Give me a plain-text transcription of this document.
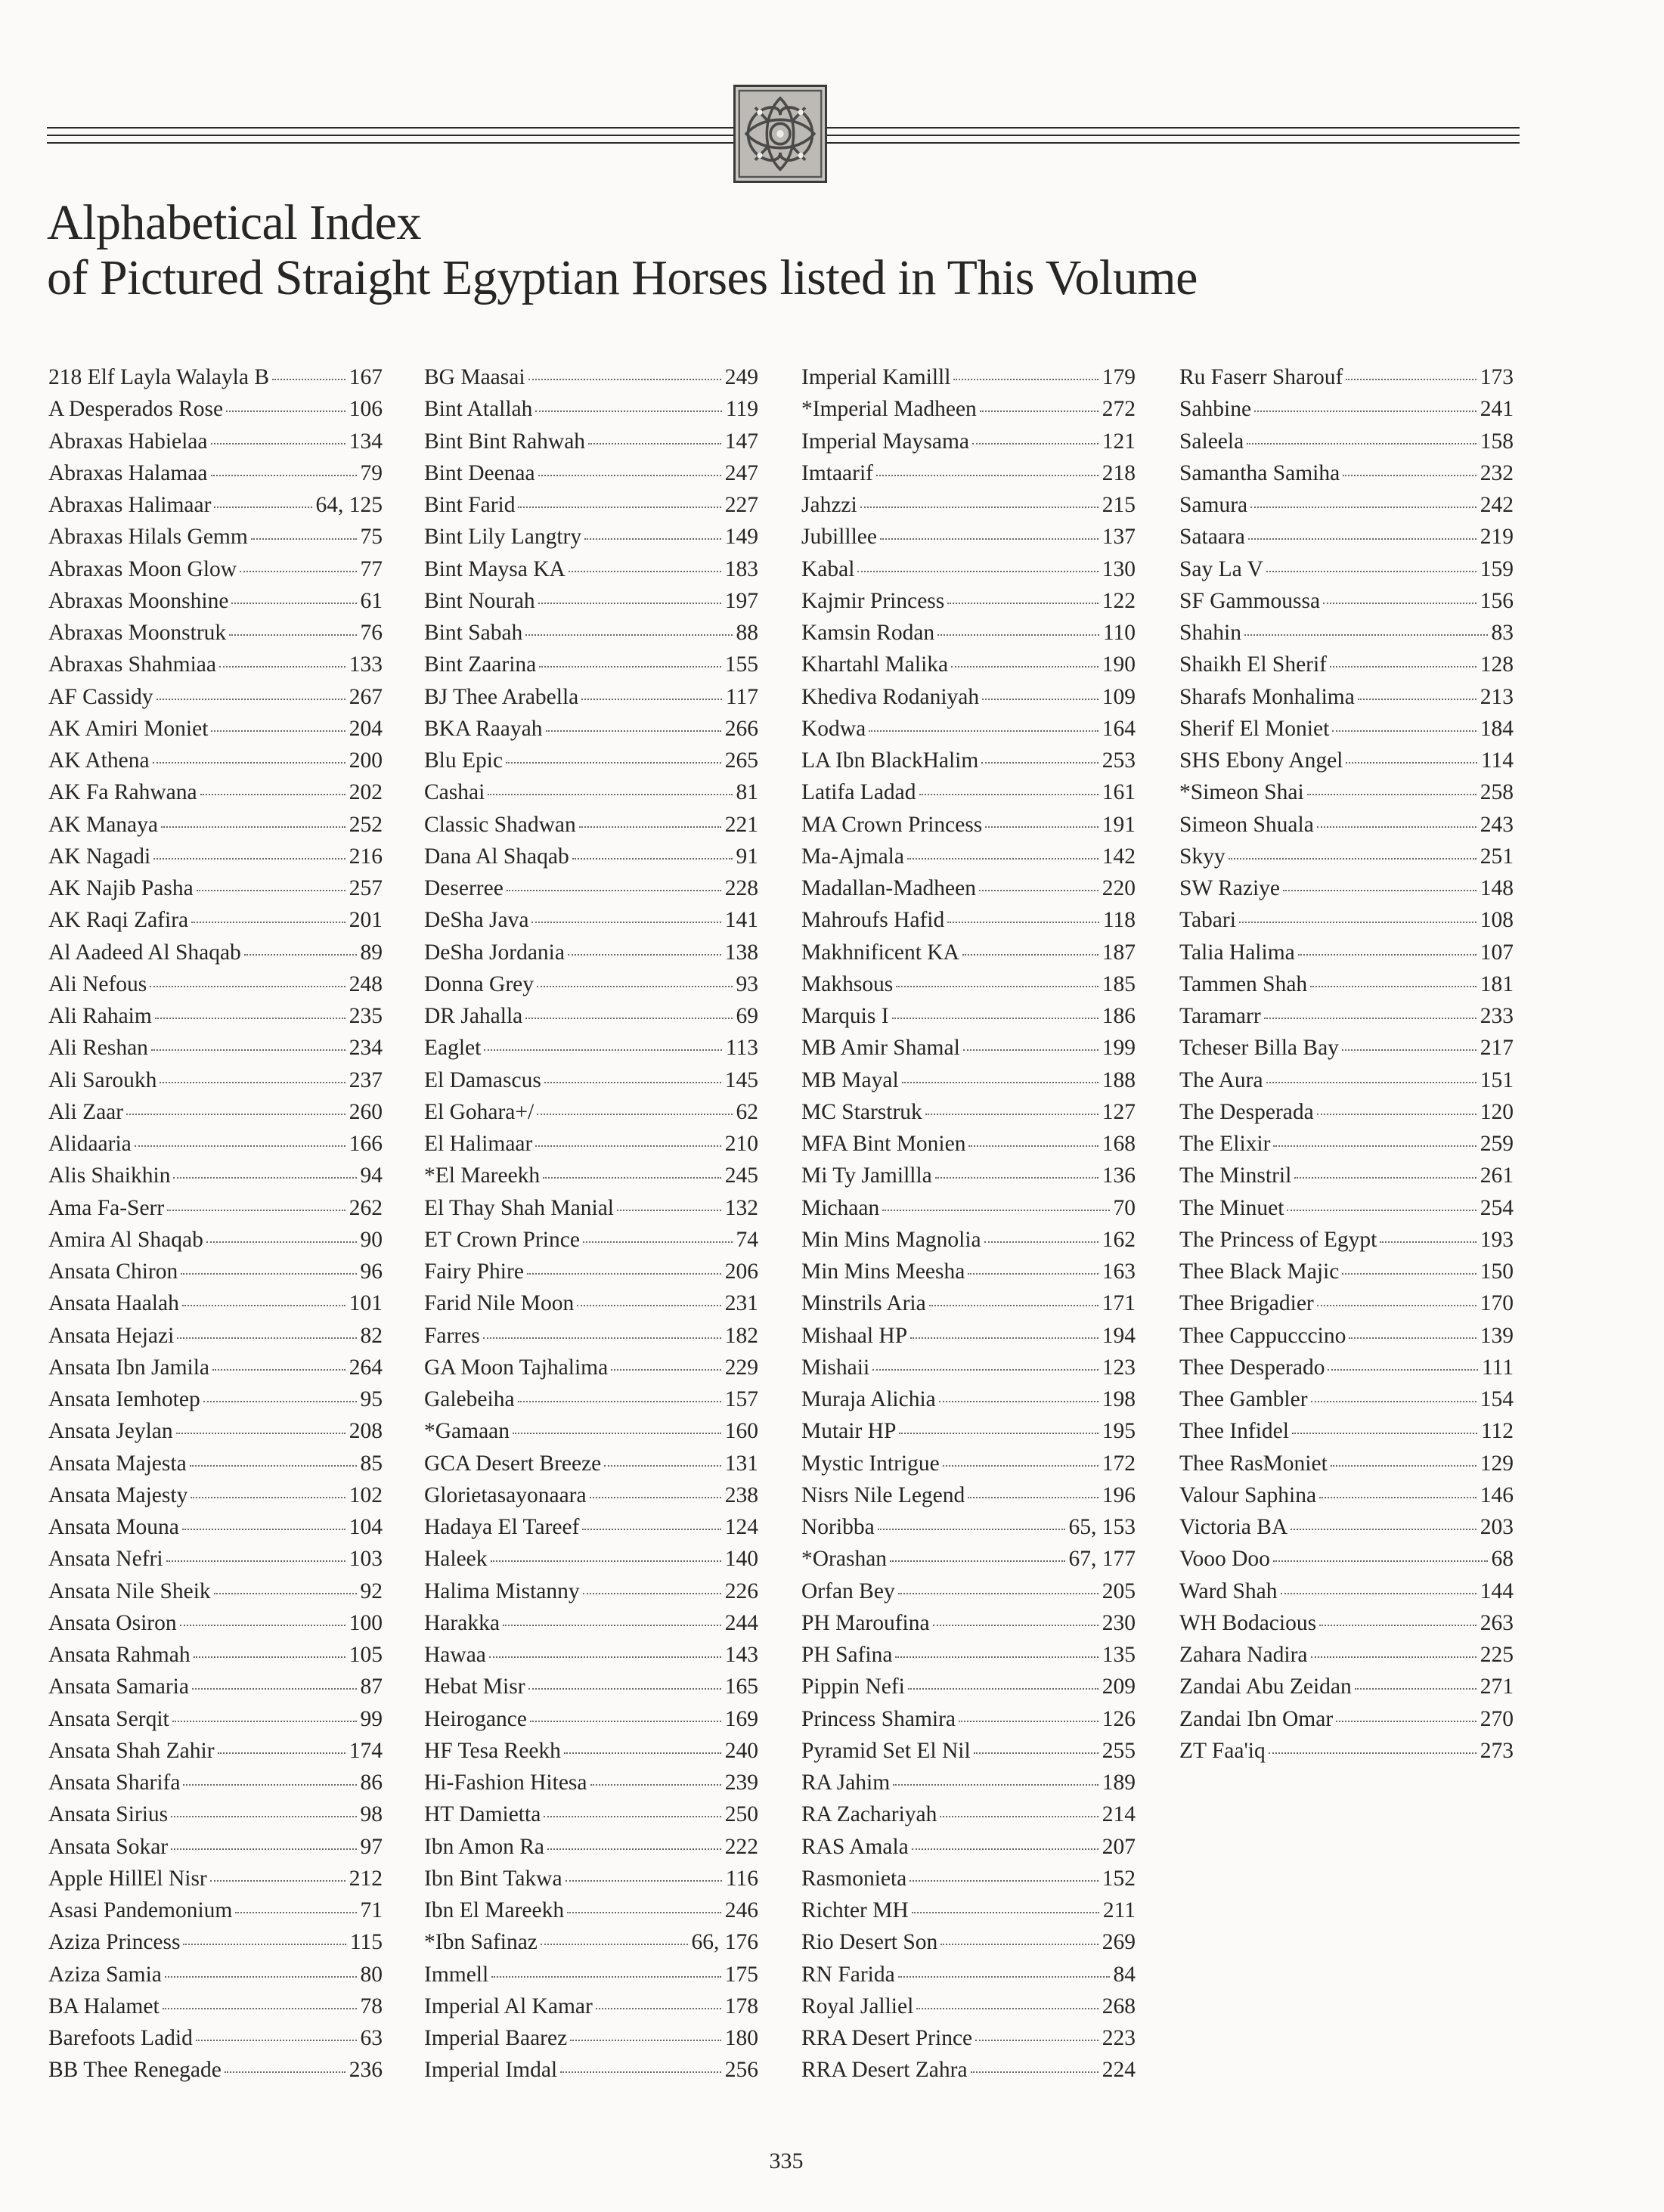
Alphabetical Index
of Pictured Straight Egyptian Horses listed in This Volume
218 Elf Layla Walayla B	167
A Desperados Rose	106
Abraxas Habielaa	134
Abraxas Halamaa	79
Abraxas Halimaar	64, 125
Abraxas Hilals Gemm	75
Abraxas Moon Glow	77
Abraxas Moonshine	61
Abraxas Moonstruk	76
Abraxas Shahmiaa	133
AF Cassidy	267
AK Amiri Moniet	204
AK Athena	200
AK Fa Rahwana	202
AK Manaya	252
AK Nagadi	216
AK Najib Pasha	257
AK Raqi Zafira	201
Al Aadeed Al Shaqab	89
Ali Nefous	248
Ali Rahaim	235
Ali Reshan	234
Ali Saroukh	237
Ali Zaar	260
Alidaaria	166
Alis Shaikhin	94
Ama Fa-Serr	262
Amira Al Shaqab	90
Ansata Chiron	96
Ansata Haalah	101
Ansata Hejazi	82
Ansata Ibn Jamila	264
Ansata Iemhotep	95
Ansata Jeylan	208
Ansata Majesta	85
Ansata Majesty	102
Ansata Mouna	104
Ansata Nefri	103
Ansata Nile Sheik	92
Ansata Osiron	100
Ansata Rahmah	105
Ansata Samaria	87
Ansata Serqit	99
Ansata Shah Zahir	174
Ansata Sharifa	86
Ansata Sirius	98
Ansata Sokar	97
Apple HillEl Nisr	212
Asasi Pandemonium	71
Aziza Princess	115
Aziza Samia	80
BA Halamet	78
Barefoots Ladid	63
BB Thee Renegade	236
BG Maasai	249
Bint Atallah	119
Bint Bint Rahwah	147
Bint Deenaa	247
Bint Farid	227
Bint Lily Langtry	149
Bint Maysa KA	183
Bint Nourah	197
Bint Sabah	88
Bint Zaarina	155
BJ Thee Arabella	117
BKA Raayah	266
Blu Epic	265
Cashai	81
Classic Shadwan	221
Dana Al Shaqab	91
Deserree	228
DeSha Java	141
DeSha Jordania	138
Donna Grey	93
DR Jahalla	69
Eaglet	113
El Damascus	145
El Gohara+/	62
El Halimaar	210
*El Mareekh	245
El Thay Shah Manial	132
ET Crown Prince	74
Fairy Phire	206
Farid Nile Moon	231
Farres	182
GA Moon Tajhalima	229
Galebeiha	157
*Gamaan	160
GCA Desert Breeze	131
Glorietasayonaara	238
Hadaya El Tareef	124
Haleek	140
Halima Mistanny	226
Harakka	244
Hawaa	143
Hebat Misr	165
Heirogance	169
HF Tesa Reekh	240
Hi-Fashion Hitesa	239
HT Damietta	250
Ibn Amon Ra	222
Ibn Bint Takwa	116
Ibn El Mareekh	246
*Ibn Safinaz	66, 176
Immell	175
Imperial Al Kamar	178
Imperial Baarez	180
Imperial Imdal	256
Imperial Kamilll	179
*Imperial Madheen	272
Imperial Maysama	121
Imtaarif	218
Jahzzi	215
Jubilllee	137
Kabal	130
Kajmir Princess	122
Kamsin Rodan	110
Khartahl Malika	190
Khediva Rodaniyah	109
Kodwa	164
LA Ibn BlackHalim	253
Latifa Ladad	161
MA Crown Princess	191
Ma-Ajmala	142
Madallan-Madheen	220
Mahroufs Hafid	118
Makhnificent KA	187
Makhsous	185
Marquis I	186
MB Amir Shamal	199
MB Mayal	188
MC Starstruk	127
MFA Bint Monien	168
Mi Ty Jamillla	136
Michaan	70
Min Mins Magnolia	162
Min Mins Meesha	163
Minstrils Aria	171
Mishaal HP	194
Mishaii	123
Muraja Alichia	198
Mutair HP	195
Mystic Intrigue	172
Nisrs Nile Legend	196
Noribba	65, 153
*Orashan	67, 177
Orfan Bey	205
PH Maroufina	230
PH Safina	135
Pippin Nefi	209
Princess Shamira	126
Pyramid Set El Nil	255
RA Jahim	189
RA Zachariyah	214
RAS Amala	207
Rasmonieta	152
Richter MH	211
Rio Desert Son	269
RN Farida	84
Royal Jalliel	268
RRA Desert Prince	223
RRA Desert Zahra	224
Ru Faserr Sharouf	173
Sahbine	241
Saleela	158
Samantha Samiha	232
Samura	242
Sataara	219
Say La V	159
SF Gammoussa	156
Shahin	83
Shaikh El Sherif	128
Sharafs Monhalima	213
Sherif El Moniet	184
SHS Ebony Angel	114
*Simeon Shai	258
Simeon Shuala	243
Skyy	251
SW Raziye	148
Tabari	108
Talia Halima	107
Tammen Shah	181
Taramarr	233
Tcheser Billa Bay	217
The Aura	151
The Desperada	120
The Elixir	259
The Minstril	261
The Minuet	254
The Princess of Egypt	193
Thee Black Majic	150
Thee Brigadier	170
Thee Cappucccino	139
Thee Desperado	111
Thee Gambler	154
Thee Infidel	112
Thee RasMoniet	129
Valour Saphina	146
Victoria BA	203
Vooo Doo	68
Ward Shah	144
WH Bodacious	263
Zahara Nadira	225
Zandai Abu Zeidan	271
Zandai Ibn Omar	270
ZT Faa'iq	273
335
